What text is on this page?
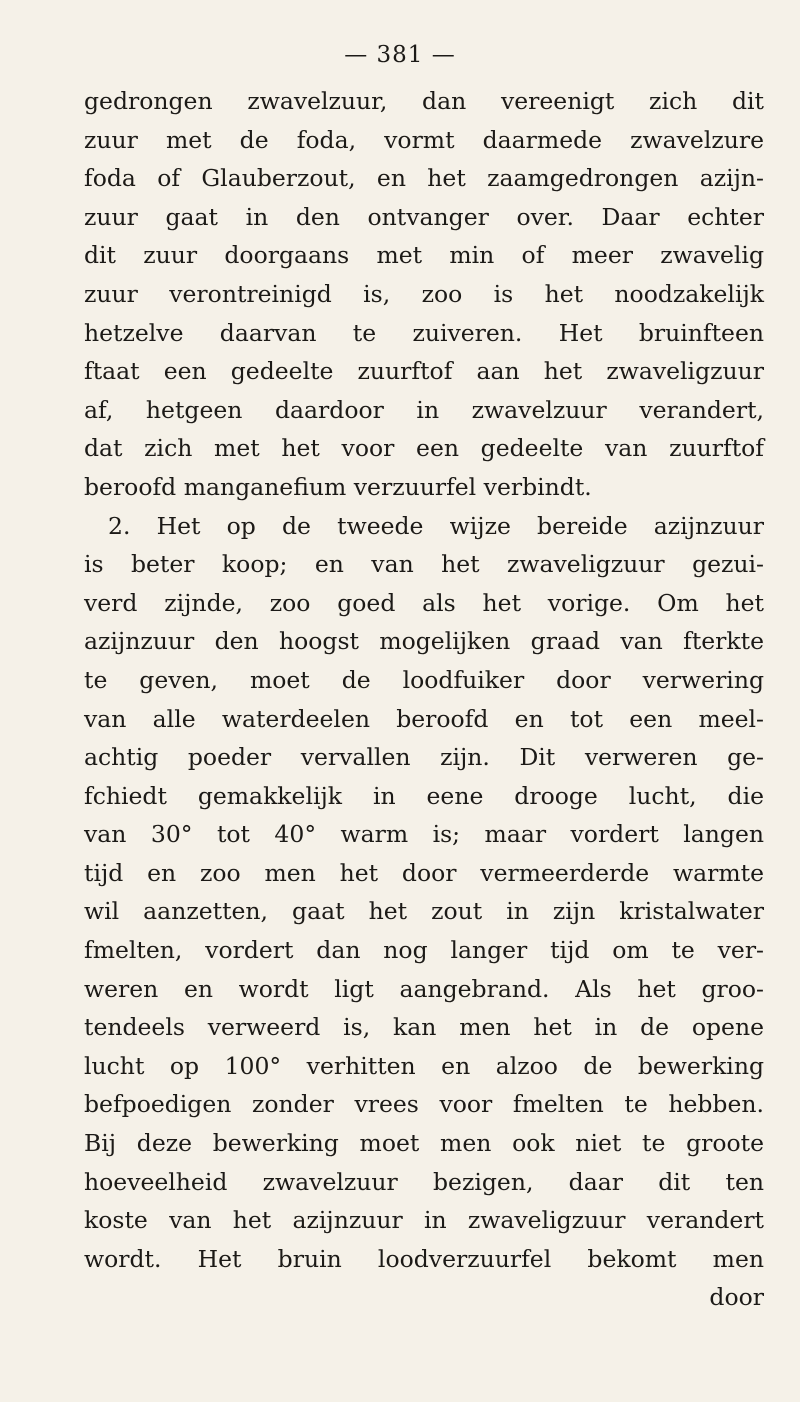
— 381 —
gedrongen zwavelzuur, dan vereenigt zich dit
zuur met de foda, vormt daarmede zwavelzure
foda of Glauberzout, en het zaamgedrongen azijn-
zuur gaat in den ontvanger over. Daar echter
dit zuur doorgaans met min of meer zwavelig
zuur verontreinigd is, zoo is het noodzakelijk
hetzelve daarvan te zuiveren. Het bruinfteen
ftaat een gedeelte zuurftof aan het zwaveligzuur
af, hetgeen daardoor in zwavelzuur verandert,
dat zich met het voor een gedeelte van zuurftof
beroofd manganefium verzuurfel verbindt.
2. Het op de tweede wijze bereide azijnzuur
is beter koop; en van het zwaveligzuur gezui-
verd zijnde, zoo goed als het vorige. Om het
azijnzuur den hoogst mogelijken graad van fterkte
te geven, moet de loodfuiker door verwering
van alle waterdeelen beroofd en tot een meel-
achtig poeder vervallen zijn. Dit verweren ge-
fchiedt gemakkelijk in eene drooge lucht, die
van 30° tot 40° warm is; maar vordert langen
tijd en zoo men het door vermeerderde warmte
wil aanzetten, gaat het zout in zijn kristalwater
fmelten, vordert dan nog langer tijd om te ver-
weren en wordt ligt aangebrand. Als het groo-
tendeels verweerd is, kan men het in de opene
lucht op 100° verhitten en alzoo de bewerking
befpoedigen zonder vrees voor fmelten te hebben.
Bij deze bewerking moet men ook niet te groote
hoeveelheid zwavelzuur bezigen, daar dit ten
koste van het azijnzuur in zwaveligzuur verandert
wordt. Het bruin loodverzuurfel bekomt men
door
